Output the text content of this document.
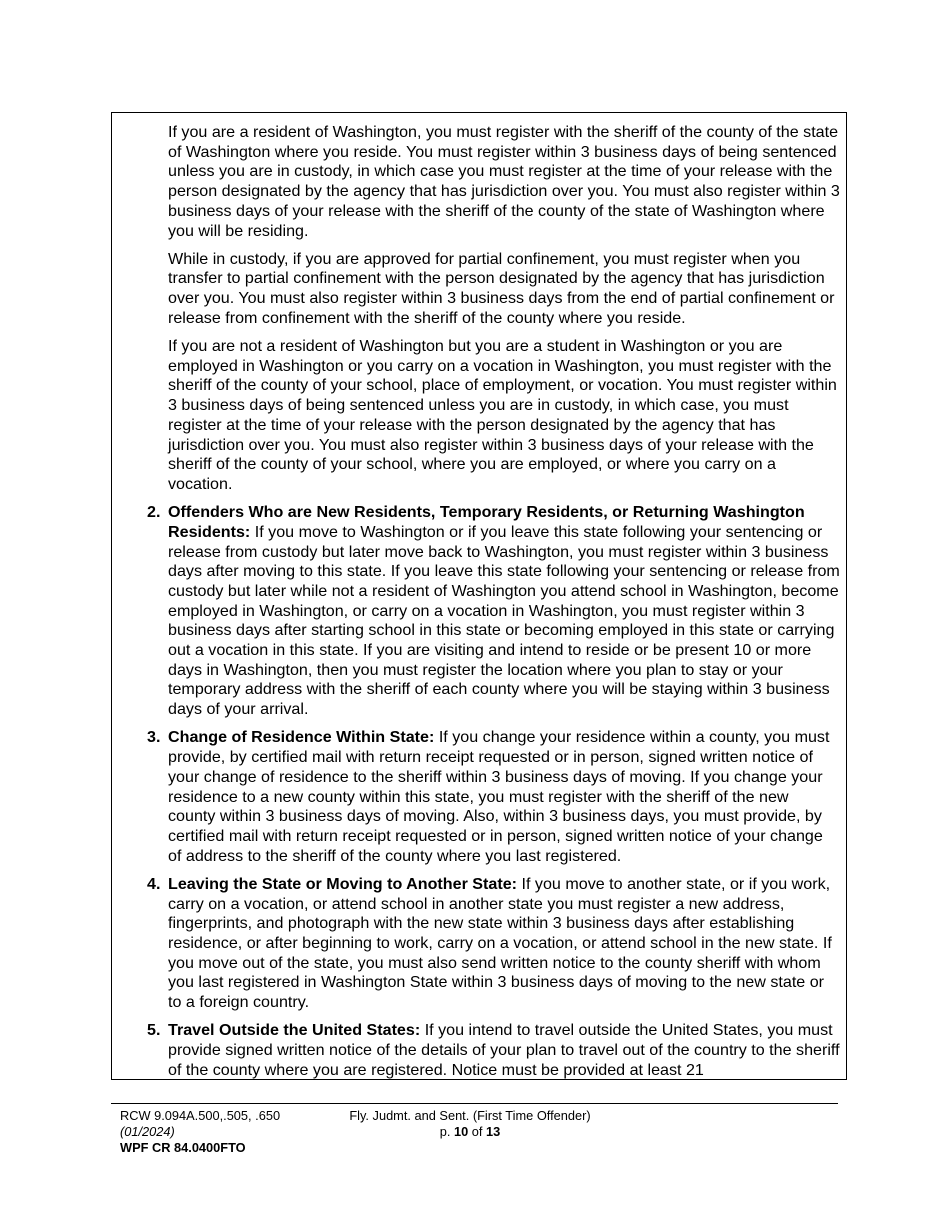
If you are a resident of Washington, you must register with the sheriff of the county of the state of Washington where you reside. You must register within 3 business days of being sentenced unless you are in custody, in which case you must register at the time of your release with the person designated by the agency that has jurisdiction over you. You must also register within 3 business days of your release with the sheriff of the county of the state of Washington where you will be residing.

While in custody, if you are approved for partial confinement, you must register when you transfer to partial confinement with the person designated by the agency that has jurisdiction over you. You must also register within 3 business days from the end of partial confinement or release from confinement with the sheriff of the county where you reside.

If you are not a resident of Washington but you are a student in Washington or you are employed in Washington or you carry on a vocation in Washington, you must register with the sheriff of the county of your school, place of employment, or vocation. You must register within 3 business days of being sentenced unless you are in custody, in which case, you must register at the time of your release with the person designated by the agency that has jurisdiction over you. You must also register within 3 business days of your release with the sheriff of the county of your school, where you are employed, or where you carry on a vocation.

2. Offenders Who are New Residents, Temporary Residents, or Returning Washington Residents: If you move to Washington or if you leave this state following your sentencing or release from custody but later move back to Washington, you must register within 3 business days after moving to this state. If you leave this state following your sentencing or release from custody but later while not a resident of Washington you attend school in Washington, become employed in Washington, or carry on a vocation in Washington, you must register within 3 business days after starting school in this state or becoming employed in this state or carrying out a vocation in this state. If you are visiting and intend to reside or be present 10 or more days in Washington, then you must register the location where you plan to stay or your temporary address with the sheriff of each county where you will be staying within 3 business days of your arrival.
3. Change of Residence Within State: If you change your residence within a county, you must provide, by certified mail with return receipt requested or in person, signed written notice of your change of residence to the sheriff within 3 business days of moving. If you change your residence to a new county within this state, you must register with the sheriff of the new county within 3 business days of moving. Also, within 3 business days, you must provide, by certified mail with return receipt requested or in person, signed written notice of your change of address to the sheriff of the county where you last registered.
4. Leaving the State or Moving to Another State: If you move to another state, or if you work, carry on a vocation, or attend school in another state you must register a new address, fingerprints, and photograph with the new state within 3 business days after establishing residence, or after beginning to work, carry on a vocation, or attend school in the new state. If you move out of the state, you must also send written notice to the county sheriff with whom you last registered in Washington State within 3 business days of moving to the new state or to a foreign country.
5. Travel Outside the United States: If you intend to travel outside the United States, you must provide signed written notice of the details of your plan to travel out of the country to the sheriff of the county where you are registered. Notice must be provided at least 21
RCW 9.094A.500,.505, .650
(01/2024)
WPF CR 84.0400FTO
Fly. Judmt. and Sent. (First Time Offender)
p. 10 of 13
